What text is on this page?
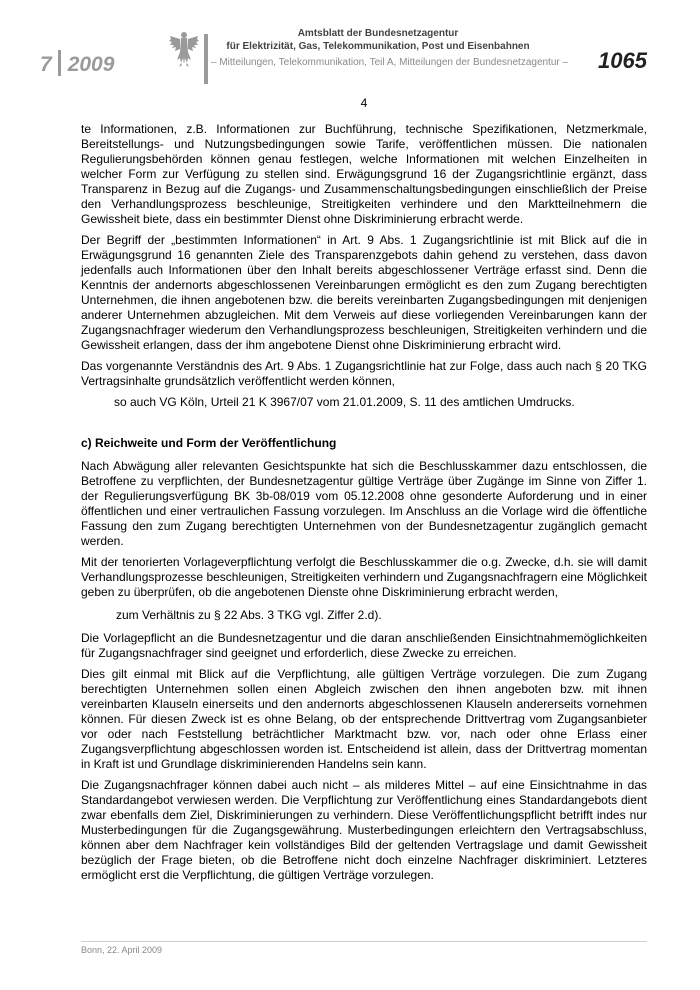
7 2009
Amtsblatt der Bundesnetzagentur
für Elektrizität, Gas, Telekommunikation, Post und Eisenbahnen
– Mitteilungen, Telekommunikation, Teil A, Mitteilungen der Bundesnetzagentur – 1065
4

te Informationen, z.B. Informationen zur Buchführung, technische Spezifikationen, Netzmerkmale, Bereitstellungs- und Nutzungsbedingungen sowie Tarife, veröffentlichen müssen. Die nationalen Regulierungsbehörden können genau festlegen, welche Informationen mit welchen Einzelheiten in welcher Form zur Verfügung zu stellen sind. Erwägungsgrund 16 der Zugangsrichtlinie ergänzt, dass Transparenz in Bezug auf die Zugangs- und Zusammenschaltungsbedingungen einschließlich der Preise den Verhandlungsprozess beschleunige, Streitigkeiten verhindere und den Marktteilnehmern die Gewissheit biete, dass ein bestimmter Dienst ohne Diskriminierung erbracht werde.

Der Begriff der „bestimmten Informationen“ in Art. 9 Abs. 1 Zugangsrichtlinie ist mit Blick auf die in Erwägungsgrund 16 genannten Ziele des Transparenzgebots dahin gehend zu verstehen, dass davon jedenfalls auch Informationen über den Inhalt bereits abgeschlossener Verträge erfasst sind. Denn die Kenntnis der andernorts abgeschlossenen Vereinbarungen ermöglicht es den zum Zugang berechtigten Unternehmen, die ihnen angebotenen bzw. die bereits vereinbarten Zugangsbedingungen mit denjenigen anderer Unternehmen abzugleichen. Mit dem Verweis auf diese vorliegenden Vereinbarungen kann der Zugangsnachfrager wiederum den Verhandlungsprozess beschleunigen, Streitigkeiten verhindern und die Gewissheit erlangen, dass der ihm angebotene Dienst ohne Diskriminierung erbracht wird.

Das vorgenannte Verständnis des Art. 9 Abs. 1 Zugangsrichtlinie hat zur Folge, dass auch nach § 20 TKG Vertragsinhalte grundsätzlich veröffentlicht werden können,

so auch VG Köln, Urteil 21 K 3967/07 vom 21.01.2009, S. 11 des amtlichen Umdrucks.

c) Reichweite und Form der Veröffentlichung

Nach Abwägung aller relevanten Gesichtspunkte hat sich die Beschlusskammer dazu entschlossen, die Betroffene zu verpflichten, der Bundesnetzagentur gültige Verträge über Zugänge im Sinne von Ziffer 1. der Regulierungsverfügung BK 3b-08/019 vom 05.12.2008 ohne gesonderte Auforderung und in einer öffentlichen und einer vertraulichen Fassung vorzulegen. Im Anschluss an die Vorlage wird die öffentliche Fassung den zum Zugang berechtigten Unternehmen von der Bundesnetzagentur zugänglich gemacht werden.

Mit der tenorierten Vorlageverpflichtung verfolgt die Beschlusskammer die o.g. Zwecke, d.h. sie will damit Verhandlungsprozesse beschleunigen, Streitigkeiten verhindern und Zugangsnachfragern eine Möglichkeit geben zu überprüfen, ob die angebotenen Dienste ohne Diskriminierung erbracht werden,

zum Verhältnis zu § 22 Abs. 3 TKG vgl. Ziffer 2.d).

Die Vorlagepflicht an die Bundesnetzagentur und die daran anschließenden Einsichtnahmemöglichkeiten für Zugangsnachfrager sind geeignet und erforderlich, diese Zwecke zu erreichen.

Dies gilt einmal mit Blick auf die Verpflichtung, alle gültigen Verträge vorzulegen. Die zum Zugang berechtigten Unternehmen sollen einen Abgleich zwischen den ihnen angeboten bzw. mit ihnen vereinbarten Klauseln einerseits und den andernorts abgeschlossenen Klauseln andererseits vornehmen können. Für diesen Zweck ist es ohne Belang, ob der entsprechende Drittvertrag vom Zugangsanbieter vor oder nach Feststellung beträchtlicher Marktmacht bzw. vor, nach oder ohne Erlass einer Zugangsverpflichtung abgeschlossen worden ist. Entscheidend ist allein, dass der Drittvertrag momentan in Kraft ist und Grundlage diskriminierenden Handelns sein kann.

Die Zugangsnachfrager können dabei auch nicht – als milderes Mittel – auf eine Einsichtnahme in das Standardangebot verwiesen werden. Die Verpflichtung zur Veröffentlichung eines Standardangebots dient zwar ebenfalls dem Ziel, Diskriminierungen zu verhindern. Diese Veröffentlichungspflicht betrifft indes nur Musterbedingungen für die Zugangsgewährung. Musterbedingungen erleichtern den Vertragsabschluss, können aber dem Nachfrager kein vollständiges Bild der geltenden Vertragslage und damit Gewissheit bezüglich der Frage bieten, ob die Betroffene nicht doch einzelne Nachfrager diskriminiert. Letzteres ermöglicht erst die Verpflichtung, die gültigen Verträge vorzulegen.

Bonn, 22. April 2009
